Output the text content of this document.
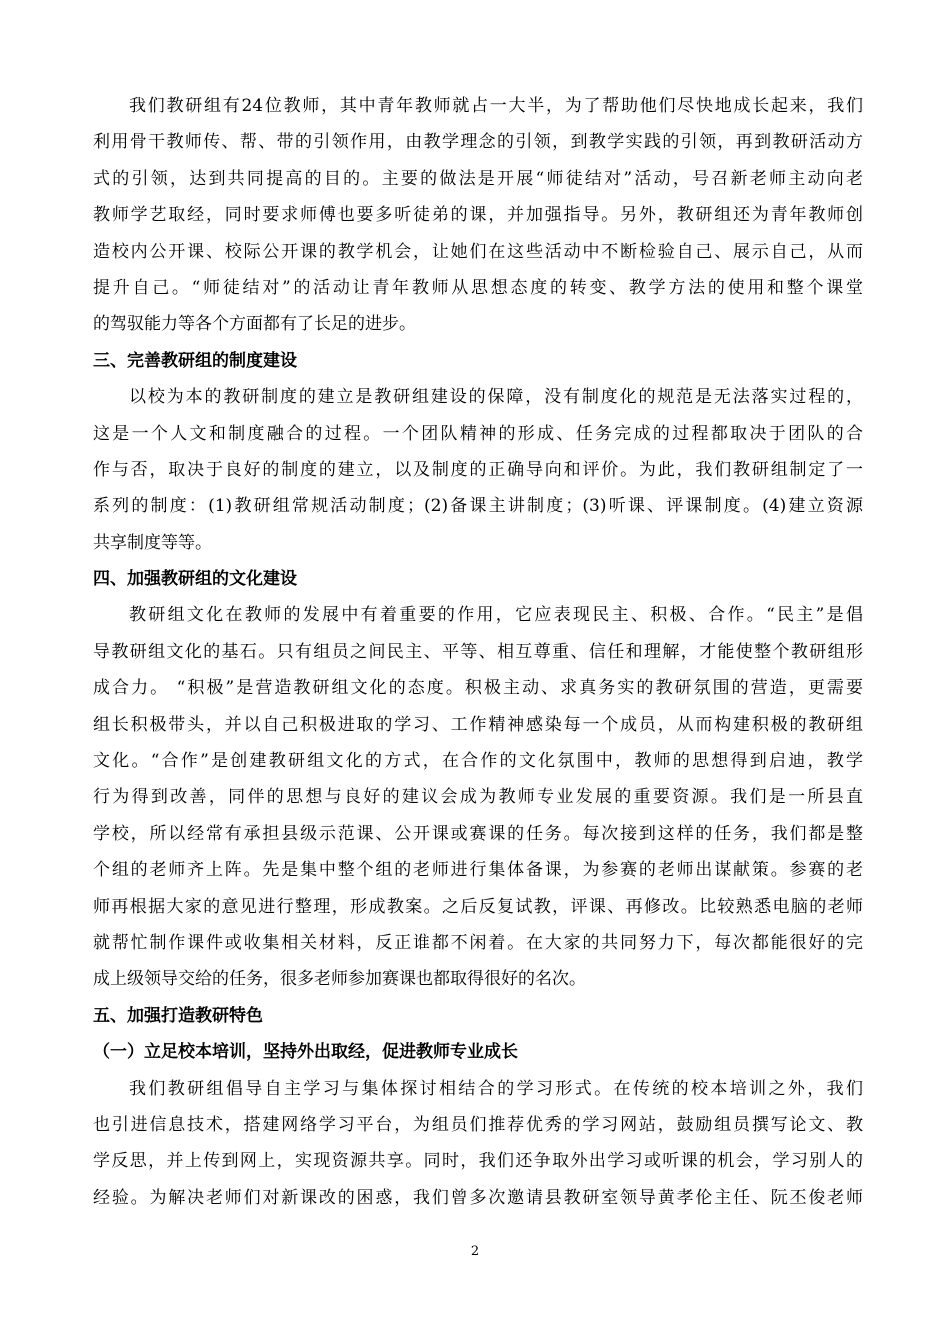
我们教研组有24位教师，其中青年教师就占一大半，为了帮助他们尽快地成长起来，我们
利用骨干教师传、帮、带的引领作用，由教学理念的引领，到教学实践的引领，再到教研活动方
式的引领，达到共同提高的目的。主要的做法是开展“师徒结对”活动，号召新老师主动向老
教师学艺取经，同时要求师傅也要多听徒弟的课，并加强指导。另外，教研组还为青年教师创
造校内公开课、校际公开课的教学机会，让她们在这些活动中不断检验自己、展示自己，从而
提升自己。“师徒结对”的活动让青年教师从思想态度的转变、教学方法的使用和整个课堂
的驾驭能力等各个方面都有了长足的进步。
三、完善教研组的制度建设
以校为本的教研制度的建立是教研组建设的保障，没有制度化的规范是无法落实过程的，
这是一个人文和制度融合的过程。一个团队精神的形成、任务完成的过程都取决于团队的合
作与否，取决于良好的制度的建立，以及制度的正确导向和评价。为此，我们教研组制定了一
系列的制度：(1)教研组常规活动制度；(2)备课主讲制度；(3)听课、评课制度。(4)建立资源
共享制度等等。
四、加强教研组的文化建设
教研组文化在教师的发展中有着重要的作用，它应表现民主、积极、合作。“民主”是倡
导教研组文化的基石。只有组员之间民主、平等、相互尊重、信任和理解，才能使整个教研组形
成合力。 “积极”是营造教研组文化的态度。积极主动、求真务实的教研氛围的营造，更需要
组长积极带头，并以自己积极进取的学习、工作精神感染每一个成员，从而构建积极的教研组
文化。“合作”是创建教研组文化的方式，在合作的文化氛围中，教师的思想得到启迪，教学
行为得到改善，同伴的思想与良好的建议会成为教师专业发展的重要资源。我们是一所县直
学校，所以经常有承担县级示范课、公开课或赛课的任务。每次接到这样的任务，我们都是整
个组的老师齐上阵。先是集中整个组的老师进行集体备课，为参赛的老师出谋献策。参赛的老
师再根据大家的意见进行整理，形成教案。之后反复试教，评课、再修改。比较熟悉电脑的老师
就帮忙制作课件或收集相关材料，反正谁都不闲着。在大家的共同努力下，每次都能很好的完
成上级领导交给的任务，很多老师参加赛课也都取得很好的名次。
五、加强打造教研特色
（一）立足校本培训，坚持外出取经，促进教师专业成长
我们教研组倡导自主学习与集体探讨相结合的学习形式。在传统的校本培训之外，我们
也引进信息技术，搭建网络学习平台，为组员们推荐优秀的学习网站，鼓励组员撰写论文、教
学反思，并上传到网上，实现资源共享。同时，我们还争取外出学习或听课的机会，学习别人的
经验。为解决老师们对新课改的困惑，我们曾多次邀请县教研室领导黄孝伦主任、阮丕俊老师
2
